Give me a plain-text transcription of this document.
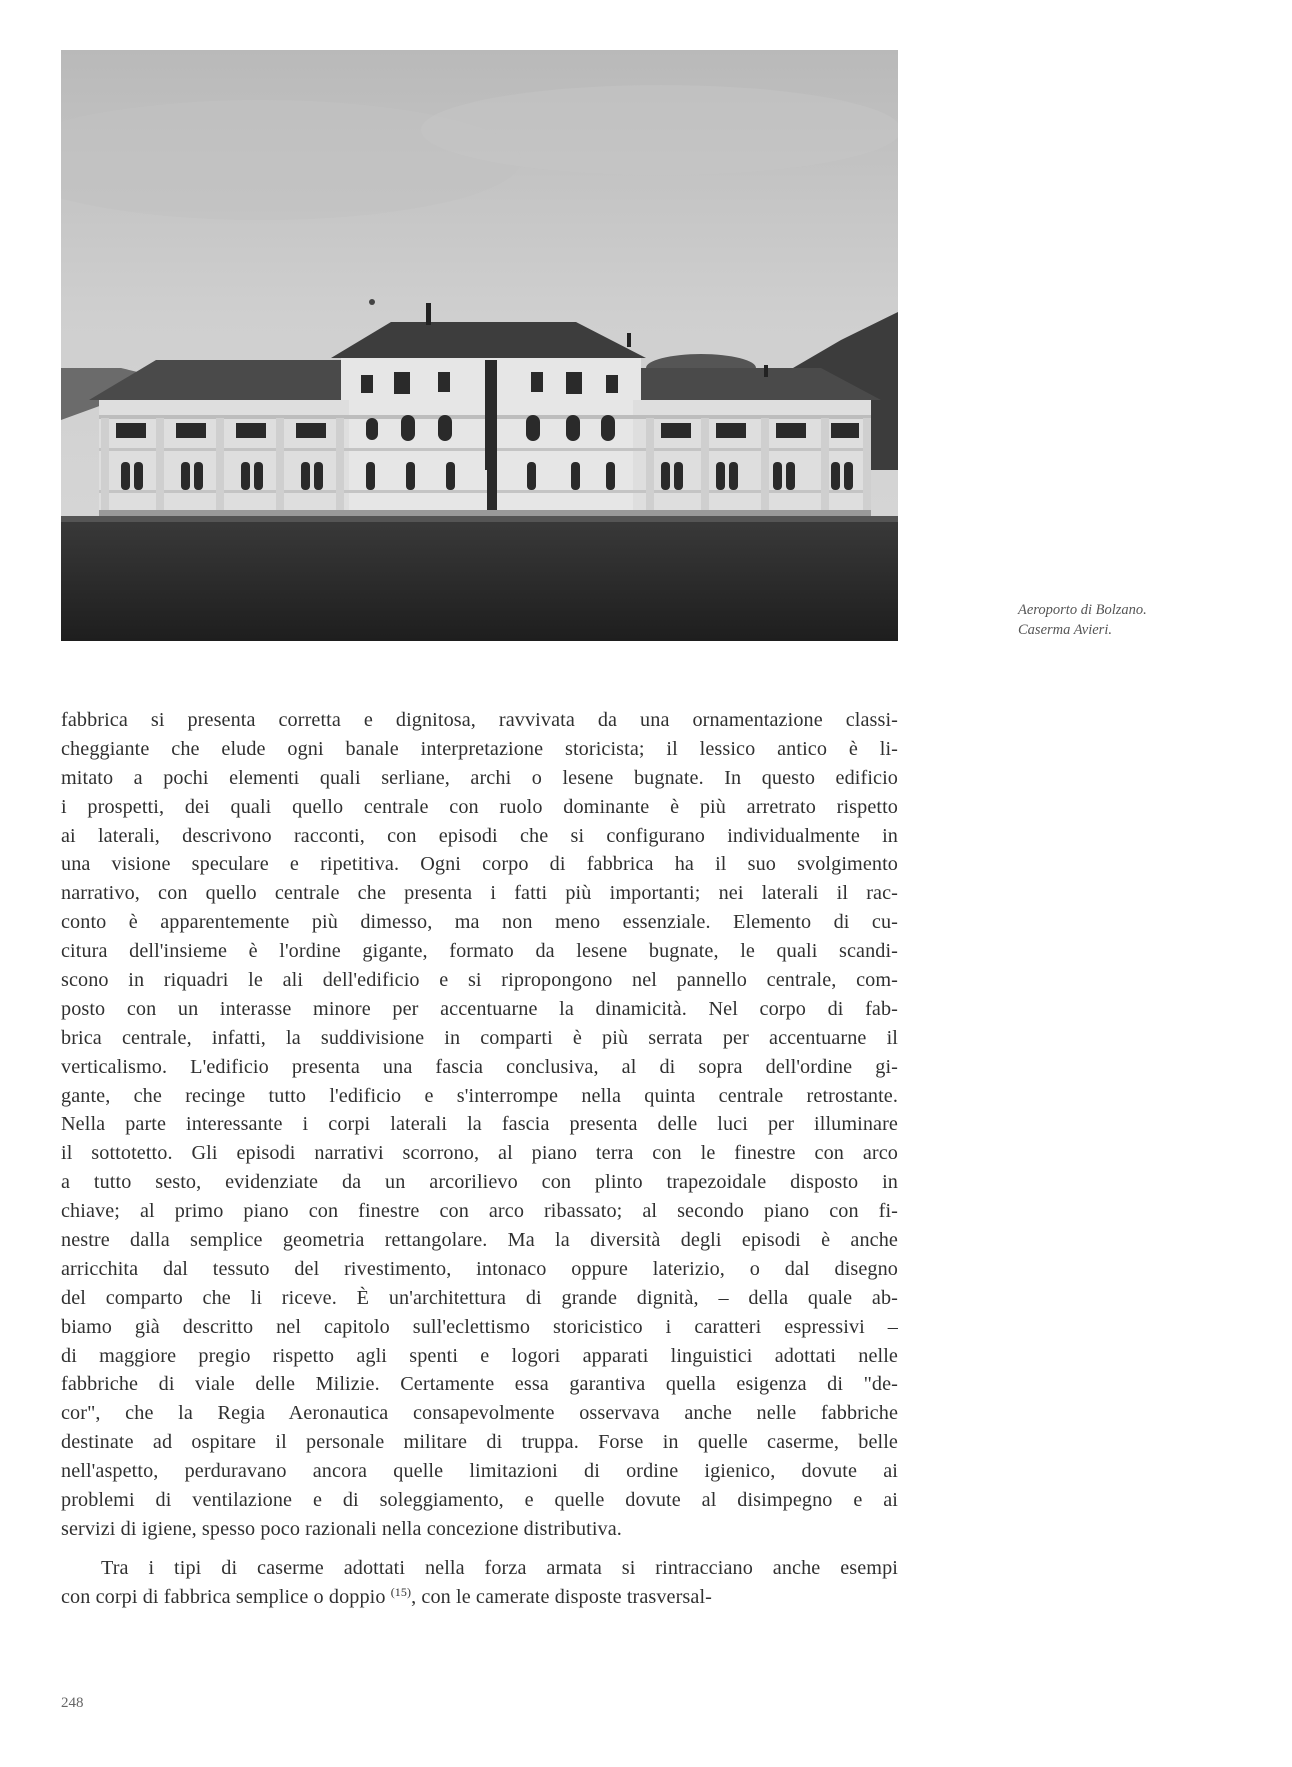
Aeroporto di Bolzano.
Caserma Avieri.
fabbrica si presenta corretta e dignitosa, ravvivata da una ornamentazione classi-
cheggiante che elude ogni banale interpretazione storicista; il lessico antico è li-
mitato a pochi elementi quali serliane, archi o lesene bugnate. In questo edificio
i prospetti, dei quali quello centrale con ruolo dominante è più arretrato rispetto
ai laterali, descrivono racconti, con episodi che si configurano individualmente in
una visione speculare e ripetitiva. Ogni corpo di fabbrica ha il suo svolgimento
narrativo, con quello centrale che presenta i fatti più importanti; nei laterali il rac-
conto è apparentemente più dimesso, ma non meno essenziale. Elemento di cu-
citura dell'insieme è l'ordine gigante, formato da lesene bugnate, le quali scandi-
scono in riquadri le ali dell'edificio e si ripropongono nel pannello centrale, com-
posto con un interasse minore per accentuarne la dinamicità. Nel corpo di fab-
brica centrale, infatti, la suddivisione in comparti è più serrata per accentuarne il
verticalismo. L'edificio presenta una fascia conclusiva, al di sopra dell'ordine gi-
gante, che recinge tutto l'edificio e s'interrompe nella quinta centrale retrostante.
Nella parte interessante i corpi laterali la fascia presenta delle luci per illuminare
il sottotetto. Gli episodi narrativi scorrono, al piano terra con le finestre con arco
a tutto sesto, evidenziate da un arcorilievo con plinto trapezoidale disposto in
chiave; al primo piano con finestre con arco ribassato; al secondo piano con fi-
nestre dalla semplice geometria rettangolare. Ma la diversità degli episodi è anche
arricchita dal tessuto del rivestimento, intonaco oppure laterizio, o dal disegno
del comparto che li riceve. È un'architettura di grande dignità, – della quale ab-
biamo già descritto nel capitolo sull'eclettismo storicistico i caratteri espressivi –
di maggiore pregio rispetto agli spenti e logori apparati linguistici adottati nelle
fabbriche di viale delle Milizie. Certamente essa garantiva quella esigenza di "de-
cor", che la Regia Aeronautica consapevolmente osservava anche nelle fabbriche
destinate ad ospitare il personale militare di truppa. Forse in quelle caserme, belle
nell'aspetto, perduravano ancora quelle limitazioni di ordine igienico, dovute ai
problemi di ventilazione e di soleggiamento, e quelle dovute al disimpegno e ai
servizi di igiene, spesso poco razionali nella concezione distributiva.
Tra i tipi di caserme adottati nella forza armata si rintracciano anche esempi
con corpi di fabbrica semplice o doppio $^{(15)}$, con le camerate disposte trasversal-
248
